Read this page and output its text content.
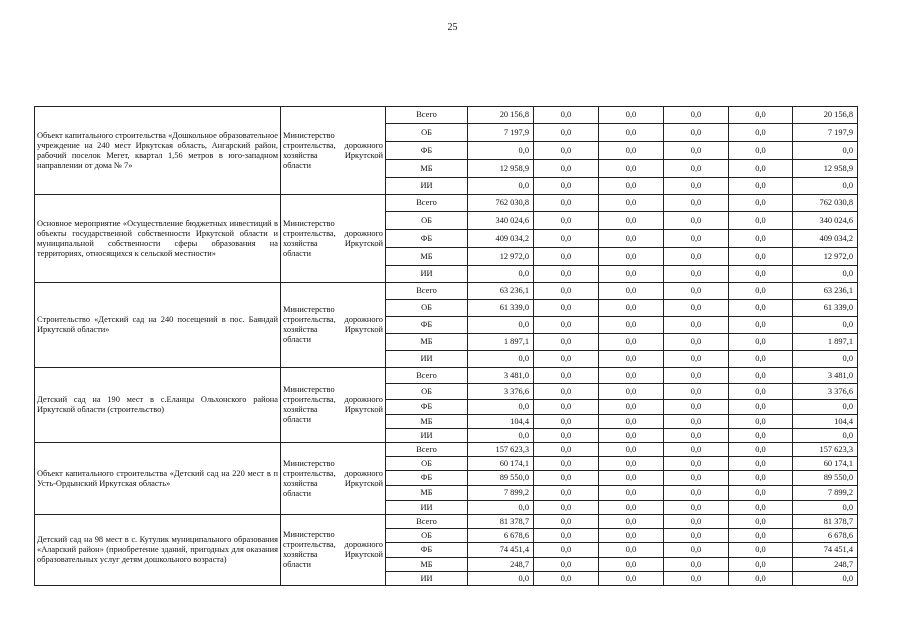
25
Объект капитального строительства «Дошкольное образовательное учреждение на 240 мест Иркутская область, Ангарский район, рабочий поселок Мегет, квартал 1,56 метров в юго-западном направлении от дома № 7»	Министерство строительства, дорожного хозяйства Иркутской области	Всего	20 156,8	0,0	0,0	0,0	0,0	20 156,8
		ОБ	7 197,9	0,0	0,0	0,0	0,0	7 197,9
		ФБ	0,0	0,0	0,0	0,0	0,0	0,0
		МБ	12 958,9	0,0	0,0	0,0	0,0	12 958,9
		ИИ	0,0	0,0	0,0	0,0	0,0	0,0
Основное мероприятие «Осуществление бюджетных инвестиций в объекты государственной собственности Иркутской области и муниципальной собственности сферы образования на территориях, относящихся к сельской местности»	Министерство строительства, дорожного хозяйства Иркутской области	Всего	762 030,8	0,0	0,0	0,0	0,0	762 030,8
		ОБ	340 024,6	0,0	0,0	0,0	0,0	340 024,6
		ФБ	409 034,2	0,0	0,0	0,0	0,0	409 034,2
		МБ	12 972,0	0,0	0,0	0,0	0,0	12 972,0
		ИИ	0,0	0,0	0,0	0,0	0,0	0,0
Строительство «Детский сад на 240 посещений в пос. Баяндай Иркутской области»	Министерство строительства, дорожного хозяйства Иркутской области	Всего	63 236,1	0,0	0,0	0,0	0,0	63 236,1
		ОБ	61 339,0	0,0	0,0	0,0	0,0	61 339,0
		ФБ	0,0	0,0	0,0	0,0	0,0	0,0
		МБ	1 897,1	0,0	0,0	0,0	0,0	1 897,1
		ИИ	0,0	0,0	0,0	0,0	0,0	0,0
Детский сад на 190 мест в с.Еланцы Ольхонского района Иркутской области (строительство)	Министерство строительства, дорожного хозяйства Иркутской области	Всего	3 481,0	0,0	0,0	0,0	0,0	3 481,0
		ОБ	3 376,6	0,0	0,0	0,0	0,0	3 376,6
		ФБ	0,0	0,0	0,0	0,0	0,0	0,0
		МБ	104,4	0,0	0,0	0,0	0,0	104,4
		ИИ	0,0	0,0	0,0	0,0	0,0	0,0
Объект капитального строительства «Детский сад на 220 мест в п Усть-Ордынский Иркутская область»	Министерство строительства, дорожного хозяйства Иркутской области	Всего	157 623,3	0,0	0,0	0,0	0,0	157 623,3
		ОБ	60 174,1	0,0	0,0	0,0	0,0	60 174,1
		ФБ	89 550,0	0,0	0,0	0,0	0,0	89 550,0
		МБ	7 899,2	0,0	0,0	0,0	0,0	7 899,2
		ИИ	0,0	0,0	0,0	0,0	0,0	0,0
Детский сад на 98 мест в с. Кутулик муниципального образования «Аларский район» (приобретение зданий, пригодных для оказания образовательных услуг детям дошкольного возраста)	Министерство строительства, дорожного хозяйства Иркутской области	Всего	81 378,7	0,0	0,0	0,0	0,0	81 378,7
		ОБ	6 678,6	0,0	0,0	0,0	0,0	6 678,6
		ФБ	74 451,4	0,0	0,0	0,0	0,0	74 451,4
		МБ	248,7	0,0	0,0	0,0	0,0	248,7
		ИИ	0,0	0,0	0,0	0,0	0,0	0,0
